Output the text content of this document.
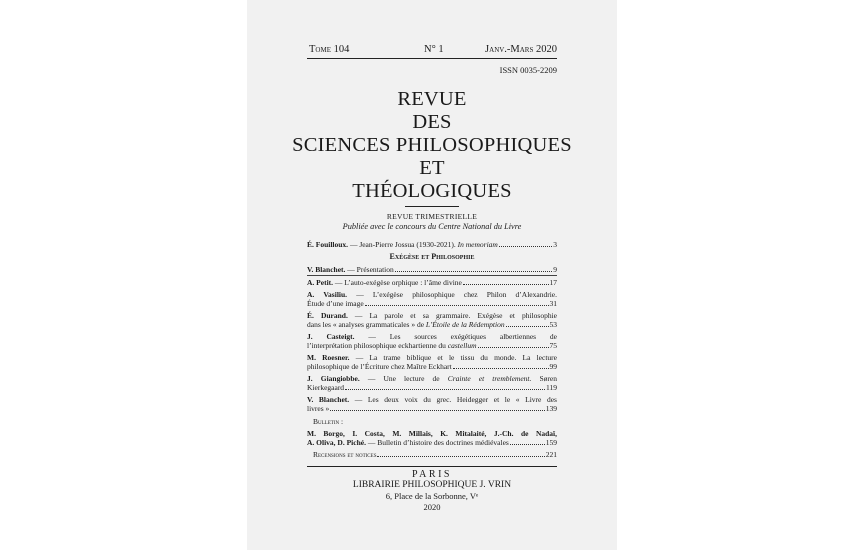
Tome 104	N° 1	Janv.-Mars 2020
ISSN 0035-2209
REVUE
DES
SCIENCES PHILOSOPHIQUES
ET
THÉOLOGIQUES
REVUE TRIMESTRIELLE
Publiée avec le concours du Centre National du Livre
É. Fouilloux. — Jean-Pierre Jossua (1930-2021). In memoriam	3
Exégèse et Philosophie
V. Blanchet. — Présentation	9
A. Petit. — L’auto-exégèse orphique : l’âme divine	17
A. Vasiliu. — L’exégèse philosophique chez Philon d’Alexandrie.
Étude d’une image	31
É. Durand. — La parole et sa grammaire. Exégèse et philosophie
dans les « analyses grammaticales » de L’Étoile de la Rédemption	53
J. Casteigt. — Les sources exégétiques albertiennes de
l’interprétation philosophique eckhartienne du castellum	75
M. Roesner. — La trame biblique et le tissu du monde. La lecture
philosophique de l’Écriture chez Maître Eckhart	99
J. Giangiobbe. — Une lecture de Crainte et tremblement. Søren
Kierkegaard	119
V. Blanchet. — Les deux voix du grec. Heidegger et le « Livre des
livres »	139
Bulletin :
M. Borgo, I. Costa, M. Millais, K. Mitalaité, J.-Ch. de Nadaï,
A. Oliva, D. Piché. — Bulletin d’histoire des doctrines médiévales	159
Recensions et notices	221
PARIS
LIBRAIRIE PHILOSOPHIQUE J. VRIN
6, Place de la Sorbonne, Vᵉ
2020
